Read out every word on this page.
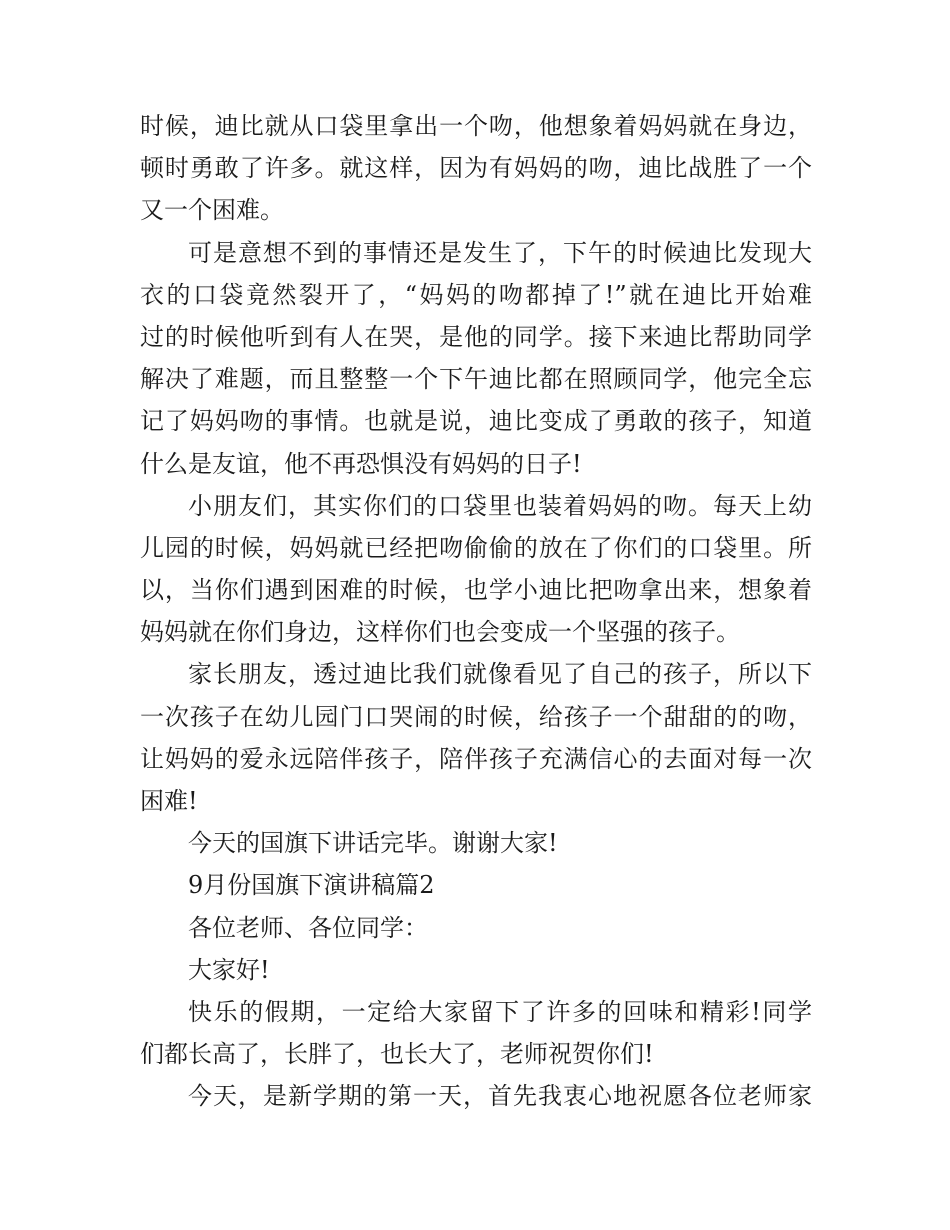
时候，迪比就从口袋里拿出一个吻，他想象着妈妈就在身边，
顿时勇敢了许多。就这样，因为有妈妈的吻，迪比战胜了一个
又一个困难。
可是意想不到的事情还是发生了，下午的时候迪比发现大
衣的口袋竟然裂开了，“妈妈的吻都掉了!”就在迪比开始难
过的时候他听到有人在哭，是他的同学。接下来迪比帮助同学
解决了难题，而且整整一个下午迪比都在照顾同学，他完全忘
记了妈妈吻的事情。也就是说，迪比变成了勇敢的孩子，知道
什么是友谊，他不再恐惧没有妈妈的日子!
小朋友们，其实你们的口袋里也装着妈妈的吻。每天上幼
儿园的时候，妈妈就已经把吻偷偷的放在了你们的口袋里。所
以，当你们遇到困难的时候，也学小迪比把吻拿出来，想象着
妈妈就在你们身边，这样你们也会变成一个坚强的孩子。
家长朋友，透过迪比我们就像看见了自己的孩子，所以下
一次孩子在幼儿园门口哭闹的时候，给孩子一个甜甜的的吻，
让妈妈的爱永远陪伴孩子，陪伴孩子充满信心的去面对每一次
困难!
今天的国旗下讲话完毕。谢谢大家!
9月份国旗下演讲稿篇2
各位老师、各位同学：
大家好!
快乐的假期，一定给大家留下了许多的回味和精彩!同学
们都长高了，长胖了，也长大了，老师祝贺你们!
今天，是新学期的第一天，首先我衷心地祝愿各位老师家
